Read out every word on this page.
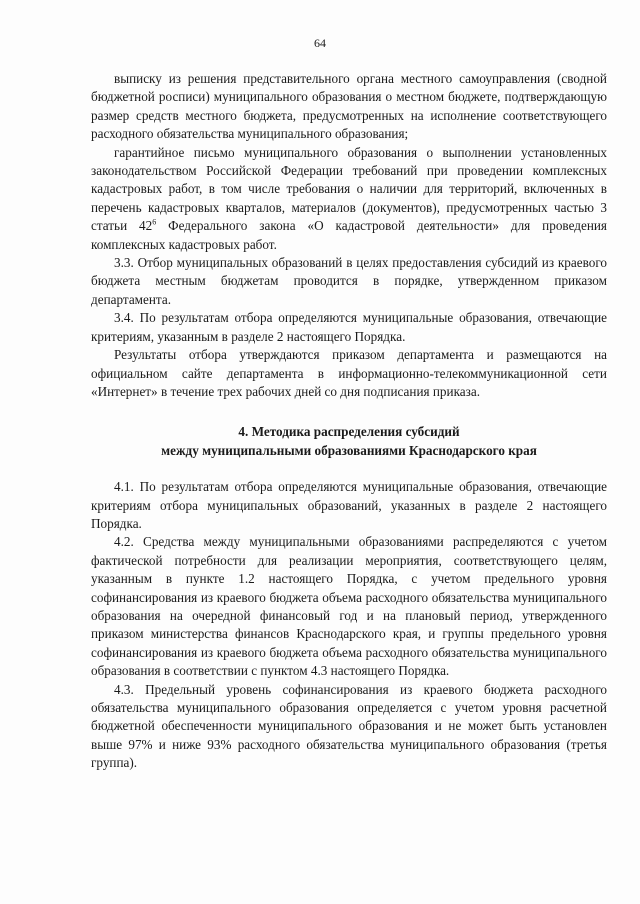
64

выписку из решения представительного органа местного самоуправления (сводной бюджетной росписи) муниципального образования о местном бюджете, подтверждающую размер средств местного бюджета, предусмотренных на исполнение соответствующего расходного обязательства муниципального образования;

гарантийное письмо муниципального образования о выполнении установленных законодательством Российской Федерации требований при проведении комплексных кадастровых работ, в том числе требования о наличии для территорий, включенных в перечень кадастровых кварталов, материалов (документов), предусмотренных частью 3 статьи $42^6$ Федерального закона «О кадастровой деятельности» для проведения комплексных кадастровых работ.

3.3. Отбор муниципальных образований в целях предоставления субсидий из краевого бюджета местным бюджетам проводится в порядке, утвержденном приказом департамента.

3.4. По результатам отбора определяются муниципальные образования, отвечающие критериям, указанным в разделе 2 настоящего Порядка.

Результаты отбора утверждаются приказом департамента и размещаются на официальном сайте департамента в информационно-телекоммуникационной сети «Интернет» в течение трех рабочих дней со дня подписания приказа.

4. Методика распределения субсидий
между муниципальными образованиями Краснодарского края

4.1. По результатам отбора определяются муниципальные образования, отвечающие критериям отбора муниципальных образований, указанных в разделе 2 настоящего Порядка.

4.2. Средства между муниципальными образованиями распределяются с учетом фактической потребности для реализации мероприятия, соответствующего целям, указанным в пункте 1.2 настоящего Порядка, с учетом предельного уровня софинансирования из краевого бюджета объема расходного обязательства муниципального образования на очередной финансовый год и на плановый период, утвержденного приказом министерства финансов Краснодарского края, и группы предельного уровня софинансирования из краевого бюджета объема расходного обязательства муниципального образования в соответствии с пунктом 4.3 настоящего Порядка.

4.3. Предельный уровень софинансирования из краевого бюджета расходного обязательства муниципального образования определяется с учетом уровня расчетной бюджетной обеспеченности муниципального образования и не может быть установлен выше 97% и ниже 93% расходного обязательства муниципального образования (третья группа).
